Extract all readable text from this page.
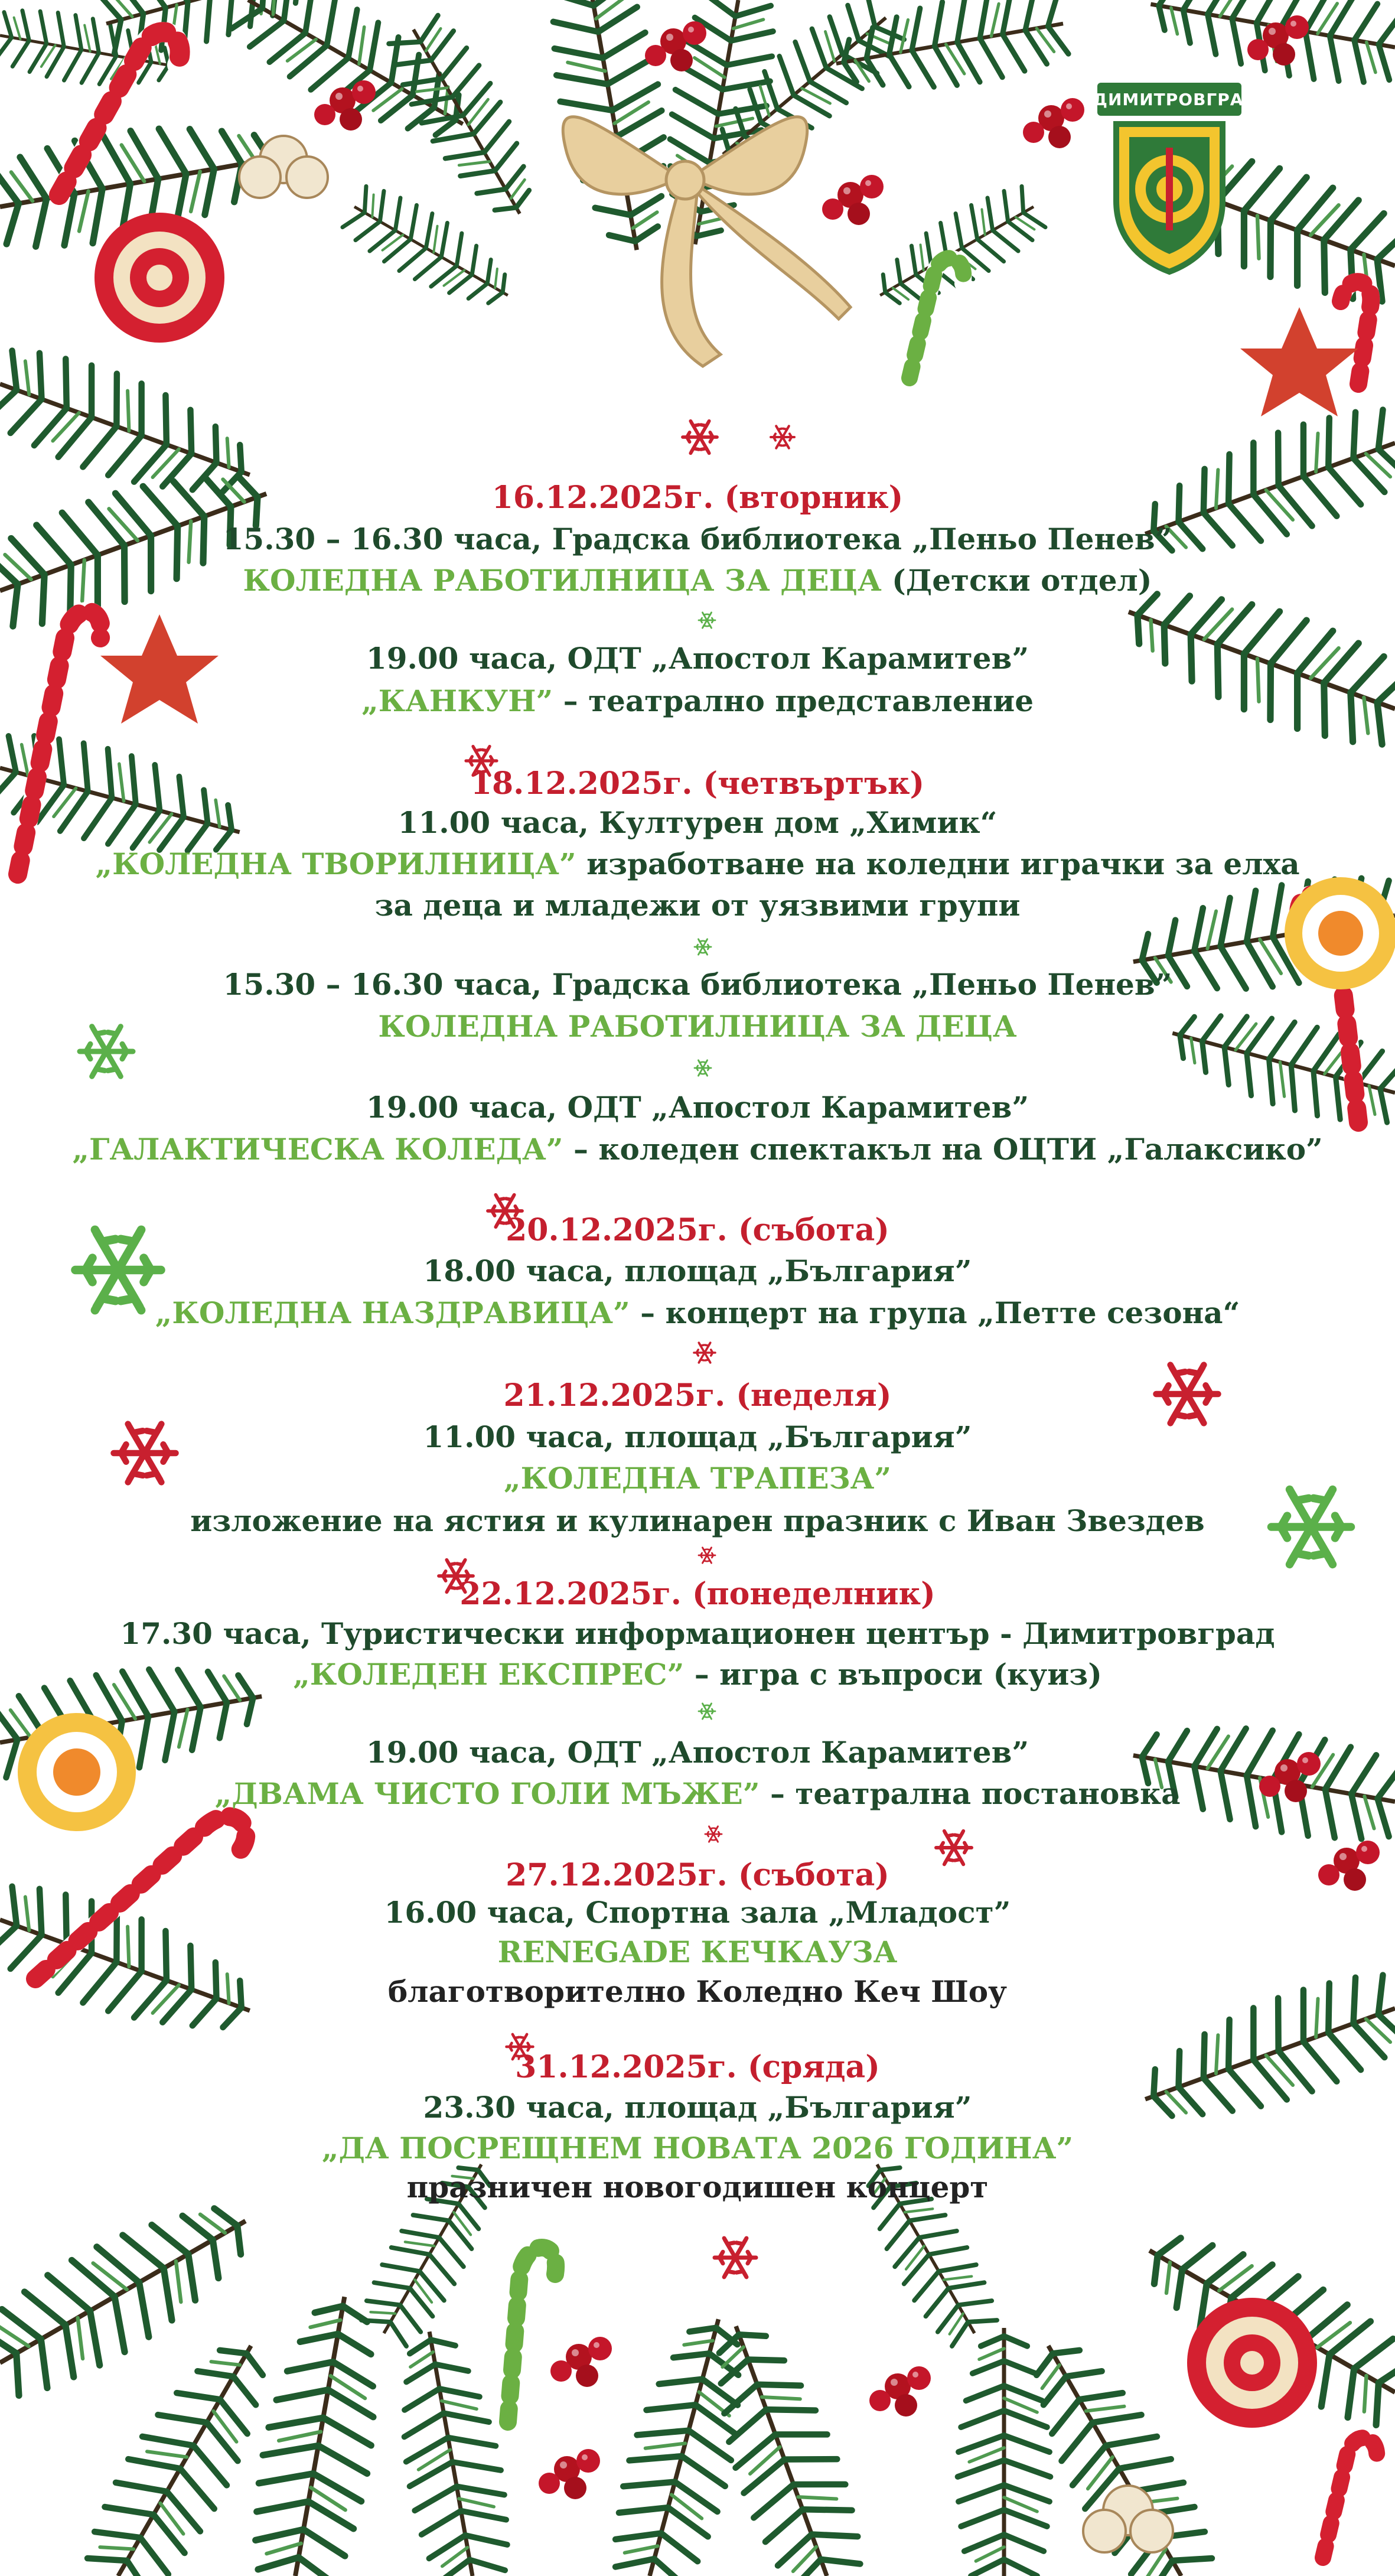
ДИМИТРОВГРАД
16.12.2025г. (вторник)
15.30 – 16.30 часа, Градска библиотека „Пеньо Пенев”
КОЛЕДНА РАБОТИЛНИЦА ЗА ДЕЦА (Детски отдел)
19.00 часа, ОДТ „Апостол Карамитев”
„КАНКУН” – театрално представление
18.12.2025г. (четвъртък)
11.00 часа, Културен дом „Химик“
„КОЛЕДНА ТВОРИЛНИЦА” изработване на коледни играчки за елха
за деца и младежи от уязвими групи
15.30 – 16.30 часа, Градска библиотека „Пеньо Пенев”
КОЛЕДНА РАБОТИЛНИЦА ЗА ДЕЦА
19.00 часа, ОДТ „Апостол Карамитев”
„ГАЛАКТИЧЕСКА КОЛЕДА” – коледен спектакъл на ОЦТИ „Галаксико”
20.12.2025г. (събота)
18.00 часа, площад „България”
„КОЛЕДНА НАЗДРАВИЦА” – концерт на група „Петте сезона“
21.12.2025г. (неделя)
11.00 часа, площад „България”
„КОЛЕДНА ТРАПЕЗА”
изложение на ястия и кулинарен празник с Иван Звездев
22.12.2025г. (понеделник)
17.30 часа, Туристически информационен център - Димитровград
„КОЛЕДЕН ЕКСПРЕС” – игра с въпроси (куиз)
19.00 часа, ОДТ „Апостол Карамитев”
„ДВАМА ЧИСТО ГОЛИ МЪЖЕ” – театрална постановка
27.12.2025г. (събота)
16.00 часа, Спортна зала „Младост”
RENEGADE КЕЧКАУЗА
благотворително Коледно Кеч Шоу
31.12.2025г. (сряда)
23.30 часа, площад „България”
„ДА ПОСРЕЩНЕМ НОВАТА 2026 ГОДИНА”
празничен новогодишен концерт
